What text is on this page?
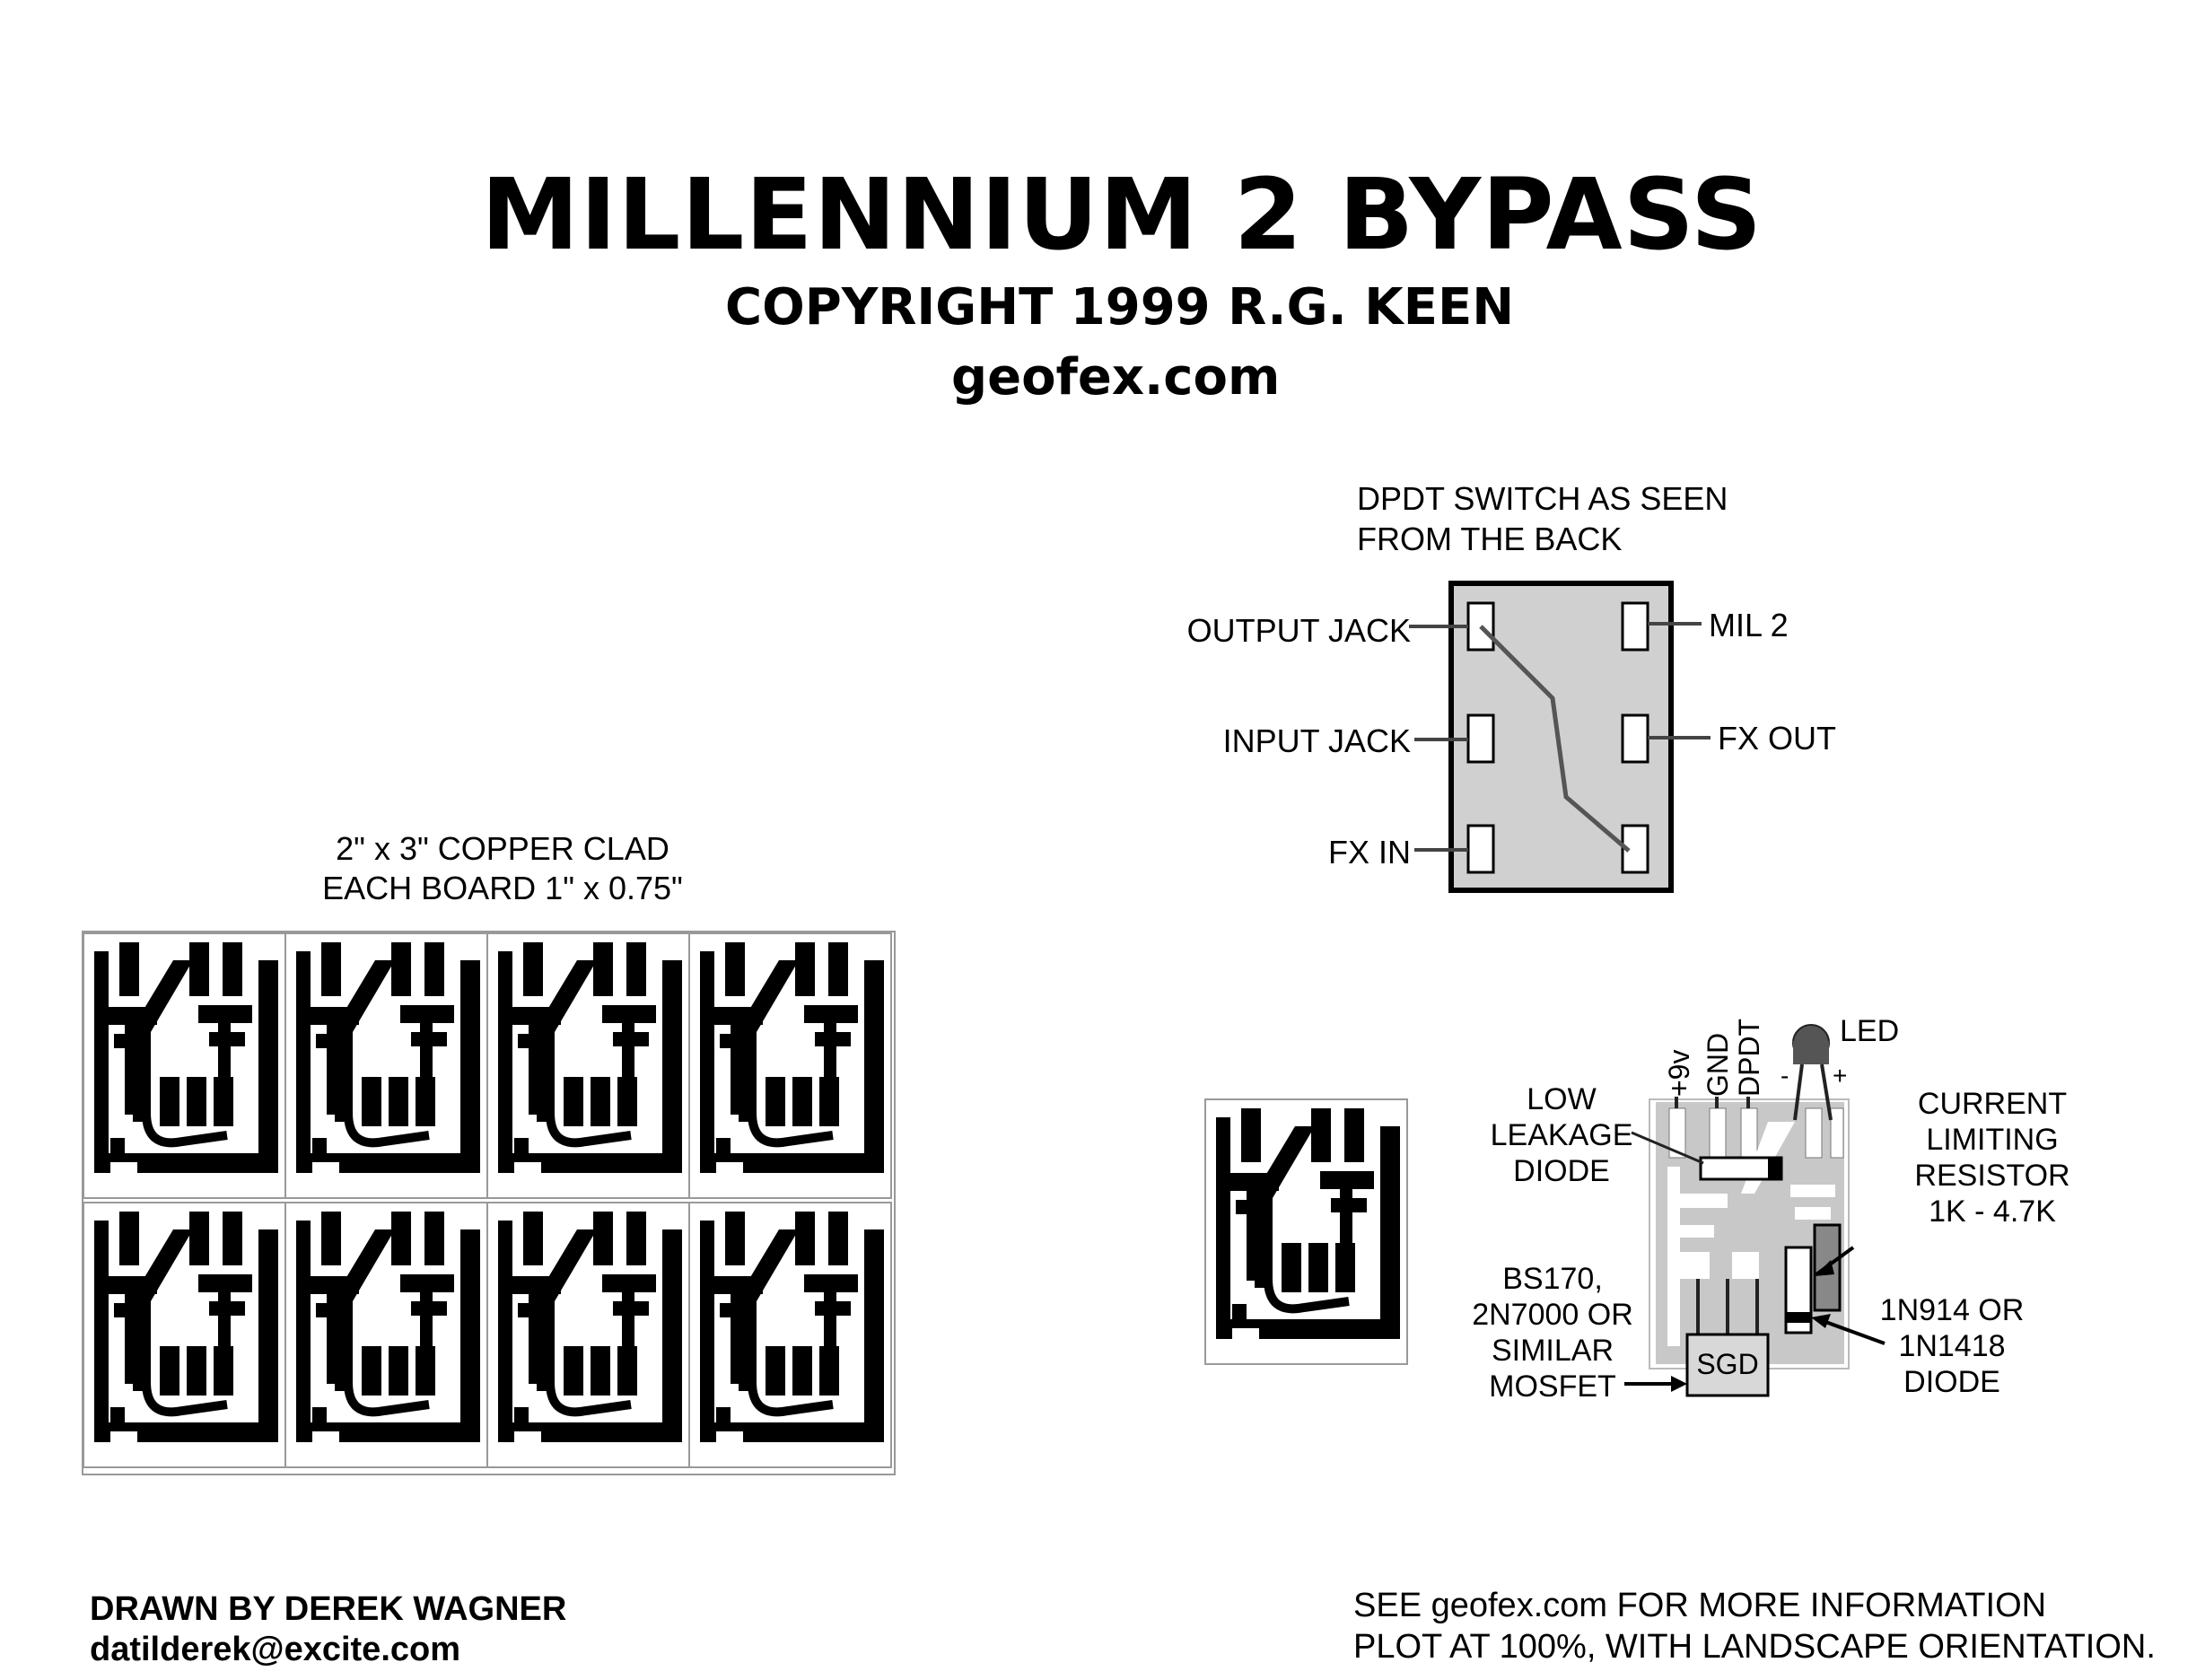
MILLENNIUM 2 BYPASS
COPYRIGHT 1999 R.G. KEEN
geofex.com
DPDT SWITCH AS SEEN
FROM THE BACK
OUTPUT JACK
INPUT JACK
FX IN
MIL 2
FX OUT
2" x 3" COPPER CLAD
EACH BOARD 1" x 0.75"
LED
- +
+9v GND DPDT
LOW
LEAKAGE
DIODE
CURRENT
LIMITING
RESISTOR
1K - 4.7K
BS170,
2N7000 OR
SIMILAR
MOSFET
SGD
1N914 OR
1N1418
DIODE
DRAWN BY DEREK WAGNER
datilderek@excite.com
SEE geofex.com FOR MORE INFORMATION
PLOT AT 100%, WITH LANDSCAPE ORIENTATION.
